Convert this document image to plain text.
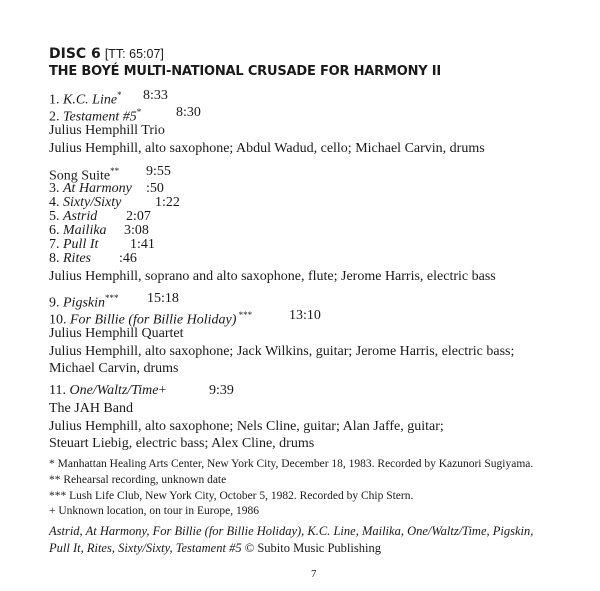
DISC 6 [TT: 65:07]
THE BOYÉ MULTI-NATIONAL CRUSADE FOR HARMONY II
1. K.C. Line* 8:33
2. Testament #5* 8:30
Julius Hemphill Trio
Julius Hemphill, alto saxophone; Abdul Wadud, cello; Michael Carvin, drums
Song Suite** 9:55
3. At Harmony :50
4. Sixty/Sixty 1:22
5. Astrid 2:07
6. Mailika 3:08
7. Pull It 1:41
8. Rites :46
Julius Hemphill, soprano and alto saxophone, flute; Jerome Harris, electric bass
9. Pigskin*** 15:18
10. For Billie (for Billie Holiday) ***	13:10
Julius Hemphill Quartet
Julius Hemphill, alto saxophone; Jack Wilkins, guitar; Jerome Harris, electric bass;
Michael Carvin, drums
11. One/Waltz/Time+	9:39
The JAH Band
Julius Hemphill, alto saxophone; Nels Cline, guitar; Alan Jaffe, guitar;
Steuart Liebig, electric bass; Alex Cline, drums
* Manhattan Healing Arts Center, New York City, December 18, 1983. Recorded by Kazunori Sugiyama.
** Rehearsal recording, unknown date
*** Lush Life Club, New York City, October 5, 1982. Recorded by Chip Stern.
+ Unknown location, on tour in Europe, 1986
Astrid, At Harmony, For Billie (for Billie Holiday), K.C. Line, Mailika, One/Waltz/Time, Pigskin,
Pull It, Rites, Sixty/Sixty, Testament #5 © Subito Music Publishing
7
